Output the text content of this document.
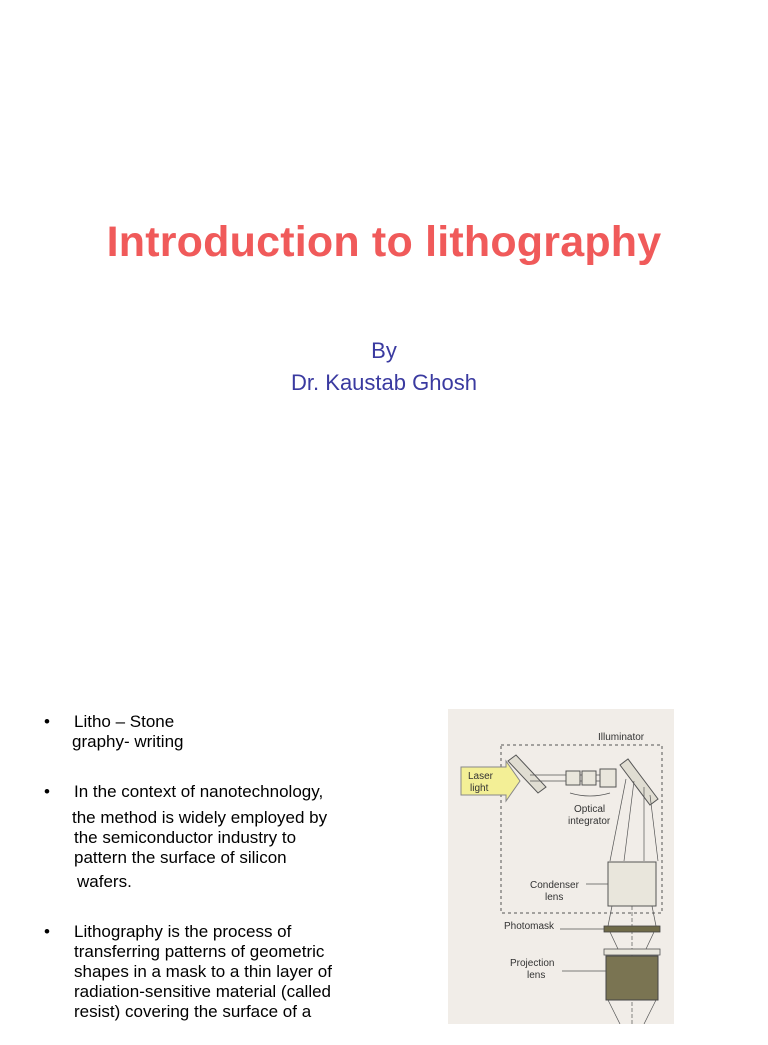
Introduction to lithography

By

Dr. Kaustab Ghosh

• Litho – Stone
graphy- writing
• In the context of nanotechnology,
the method is widely employed by
the semiconductor industry to
pattern the surface of silicon
wafers.
• Lithography is the process of
transferring patterns of geometric
shapes in a mask to a thin layer of
radiation-sensitive material (called
resist) covering the surface of a
Illuminator
Laser
light
Optical
integrator
Condenser
lens
Photomask
Projection
lens
